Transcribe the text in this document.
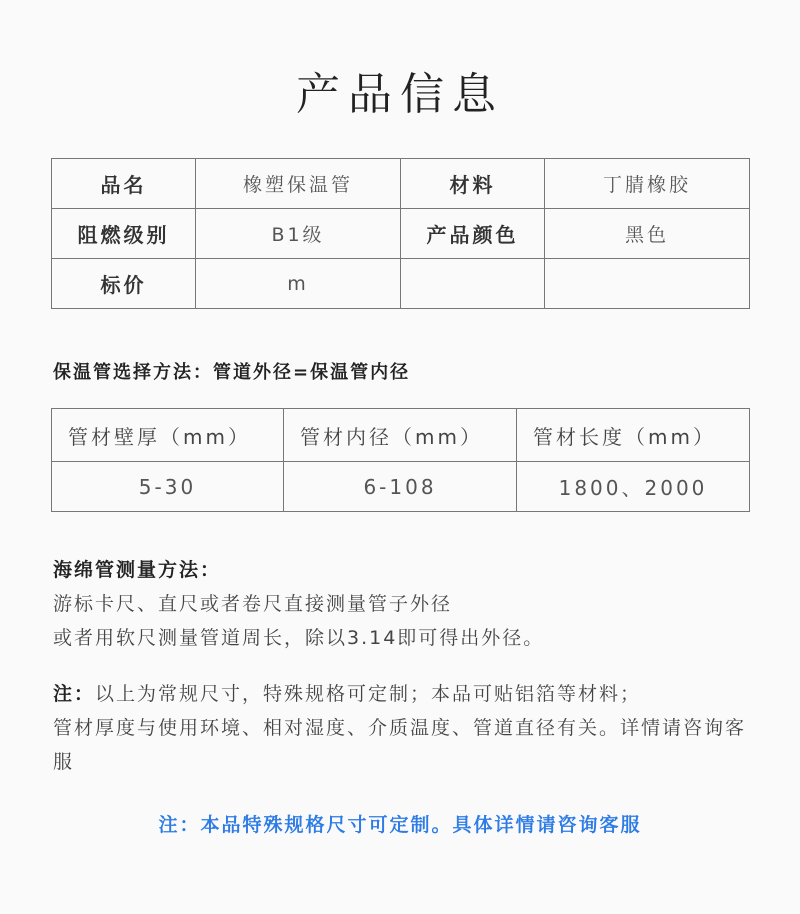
产品信息
品名	橡塑保温管	材料	丁腈橡胶
阻燃级别	B1级	产品颜色	黑色
标价	m		
保温管选择方法：管道外径=保温管内径
管材壁厚（mm）	管材内径（mm）	管材长度（mm）
5-30	6-108	1800、2000
海绵管测量方法：
游标卡尺、直尺或者卷尺直接测量管子外径
或者用软尺测量管道周长，除以3.14即可得出外径。
注：以上为常规尺寸，特殊规格可定制；本品可贴铝箔等材料；
管材厚度与使用环境、相对湿度、介质温度、管道直径有关。详情请咨询客服
注：本品特殊规格尺寸可定制。具体详情请咨询客服
